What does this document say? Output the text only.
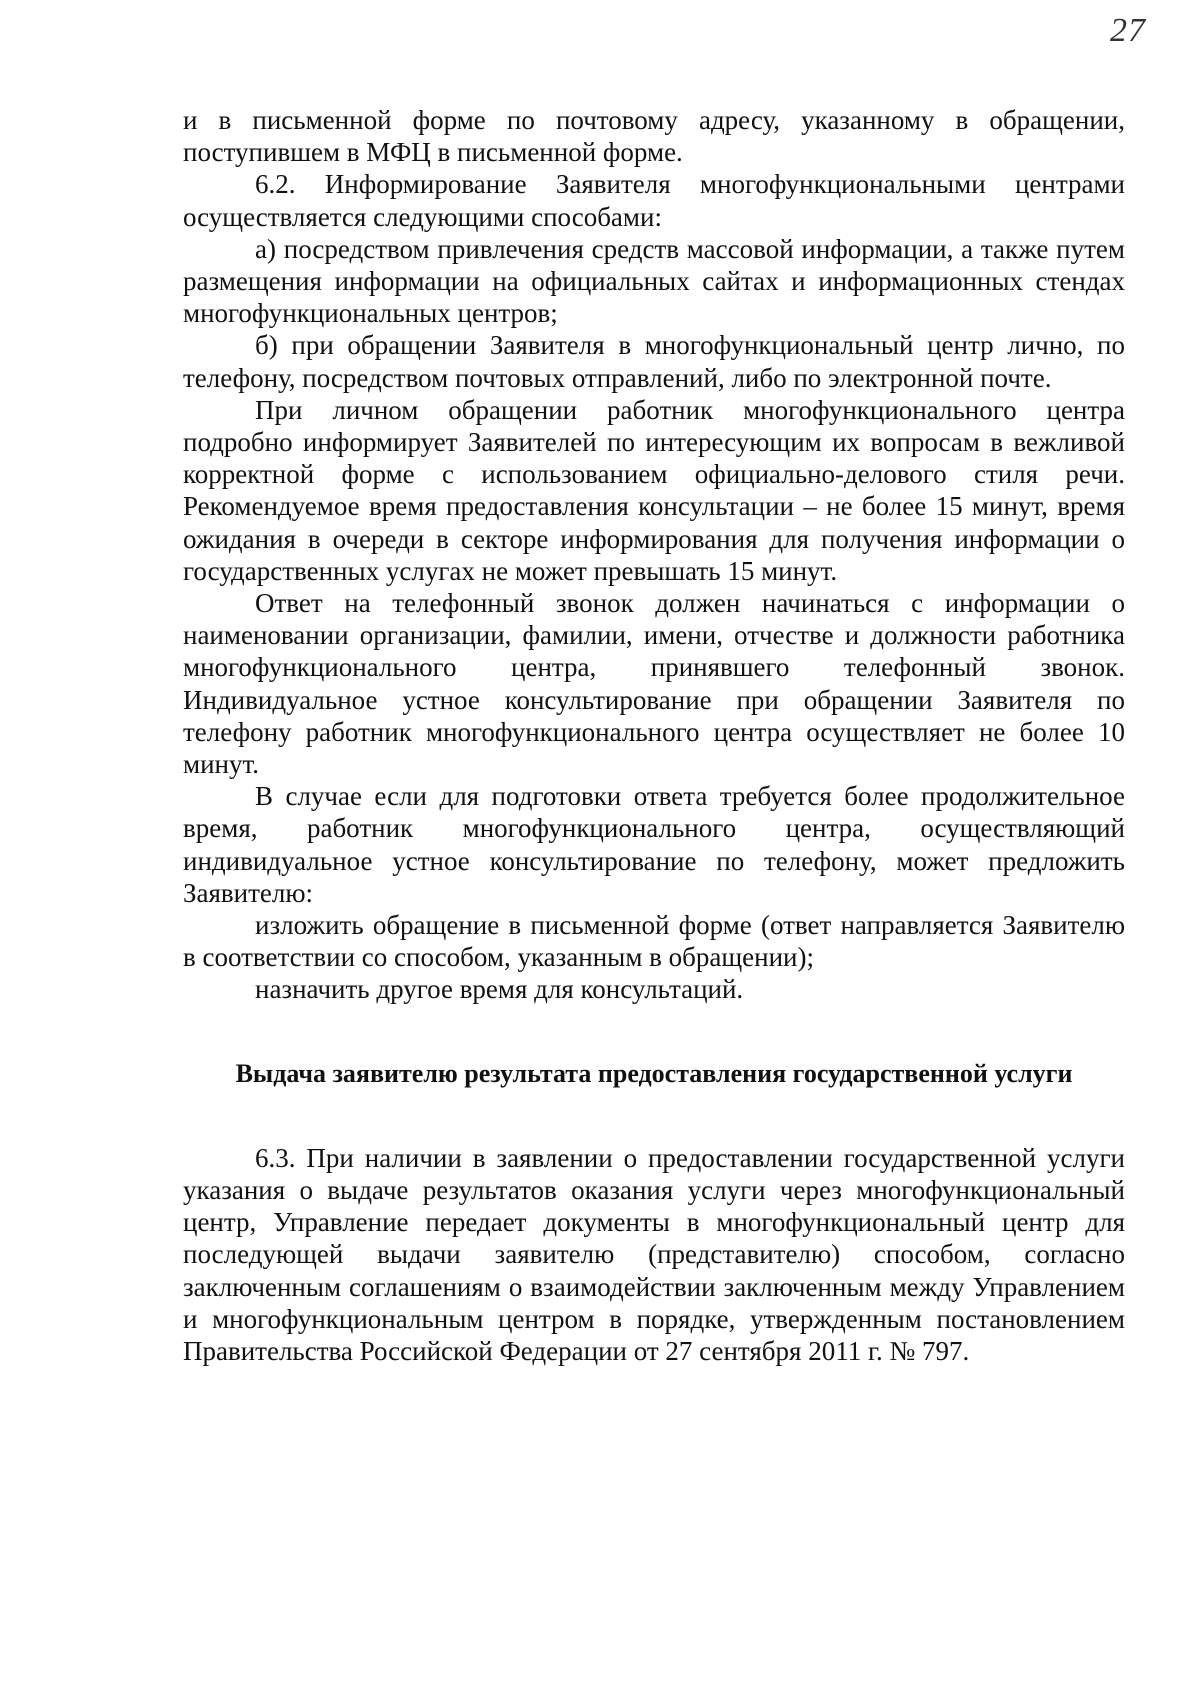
27

и в письменной форме по почтовому адресу, указанному в обращении, поступившем в МФЦ в письменной форме.

6.2. Информирование Заявителя многофункциональными центрами осуществляется следующими способами:

а) посредством привлечения средств массовой информации, а также путем размещения информации на официальных сайтах и информационных стендах многофункциональных центров;

б) при обращении Заявителя в многофункциональный центр лично, по телефону, посредством почтовых отправлений, либо по электронной почте.

При личном обращении работник многофункционального центра подробно информирует Заявителей по интересующим их вопросам в вежливой корректной форме с использованием официально-делового стиля речи. Рекомендуемое время предоставления консультации – не более 15 минут, время ожидания в очереди в секторе информирования для получения информации о государственных услугах не может превышать 15 минут.

Ответ на телефонный звонок должен начинаться с информации о наименовании организации, фамилии, имени, отчестве и должности работника многофункционального центра, принявшего телефонный звонок. Индивидуальное устное консультирование при обращении Заявителя по телефону работник многофункционального центра осуществляет не более 10 минут.

В случае если для подготовки ответа требуется более продолжительное время, работник многофункционального центра, осуществляющий индивидуальное устное консультирование по телефону, может предложить Заявителю:

изложить обращение в письменной форме (ответ направляется Заявителю в соответствии со способом, указанным в обращении);

назначить другое время для консультаций.

Выдача заявителю результата предоставления государственной услуги

6.3. При наличии в заявлении о предоставлении государственной услуги указания о выдаче результатов оказания услуги через многофункциональный центр, Управление передает документы в многофункциональный центр для последующей выдачи заявителю (представителю) способом, согласно заключенным соглашениям о взаимодействии заключенным между Управлением и многофункциональным центром в порядке, утвержденным постановлением Правительства Российской Федерации от 27 сентября 2011 г. № 797.
